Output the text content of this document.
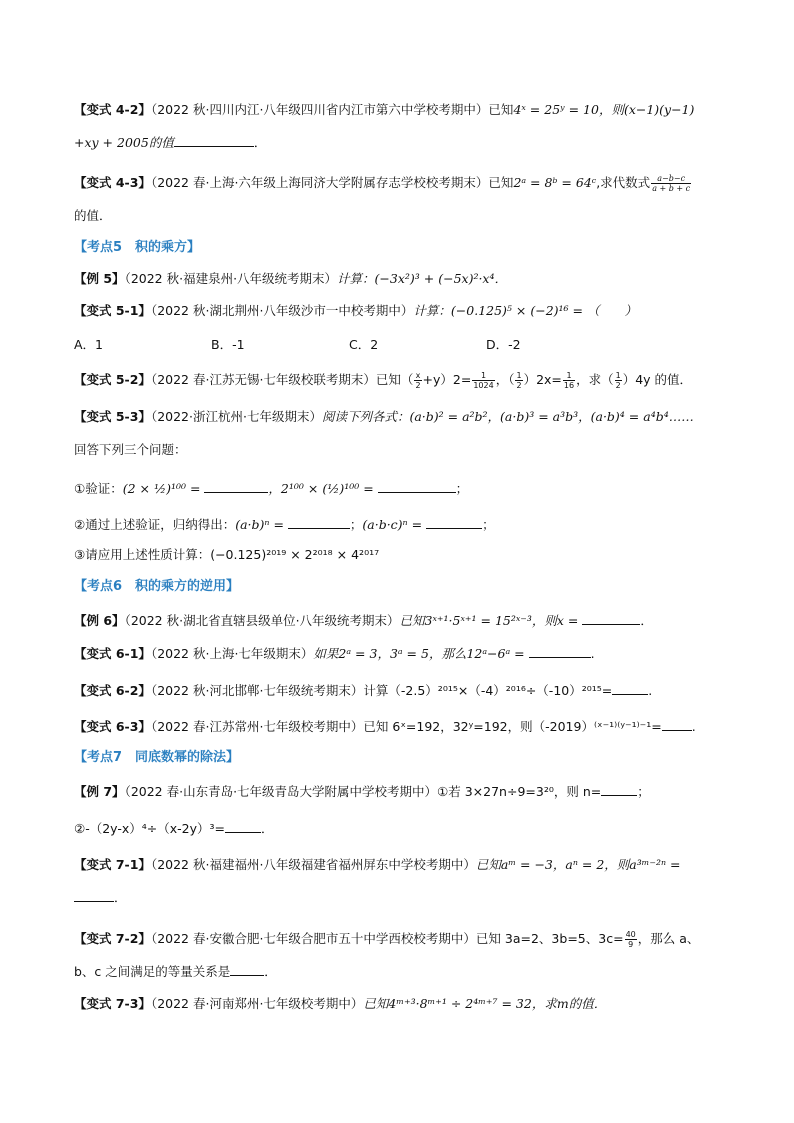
【变式 4-2】（2022 秋·四川内江·八年级四川省内江市第六中学校考期中）已知4ˣ = 25ʸ = 10，则(x−1)(y−1)
+xy + 2005的值	．
【变式 4-3】（2022 春·上海·六年级上海同济大学附属存志学校校考期末）已知2ᵃ = 8ᵇ = 64ᶜ,求代数式 $\frac{a-b-c}{a + b + c}$
的值．
【考点5　积的乘方】
【例 5】（2022 秋·福建泉州·八年级统考期末）计算：(−3x²)³ + (−5x)²·x⁴．
【变式 5-1】（2022 秋·湖北荆州·八年级沙市一中校考期中）计算：(−0.125)⁵ × (−2)¹⁶ = （　　）
A．1	B．-1	C．2	D．-2
【变式 5-2】（2022 春·江苏无锡·七年级校联考期末）已知（ $\frac{x}{2} +y)2= \frac{1}{1024}$ ，（ $\frac{1}{2} )2x= \frac{1}{16}$ ，求（ $\frac{1}{2} )4y$ 的值．
【变式 5-3】（2022·浙江杭州·七年级期末）阅读下列各式：(a·b)² = a²b²，(a·b)³ = a³b³，(a·b)⁴ = a⁴b⁴……
回答下列三个问题：
①验证：(2 × ½)¹⁰⁰ =	，2¹⁰⁰ × (½)¹⁰⁰ =	；
②通过上述验证，归纳得出：(a·b)ⁿ =	；(a·b·c)ⁿ =	；
③请应用上述性质计算：(−0.125)²⁰¹⁹ × 2²⁰¹⁸ × 4²⁰¹⁷
【考点6　积的乘方的逆用】
【例 6】（2022 秋·湖北省直辖县级单位·八年级统考期末）已知3ˣ⁺¹·5ˣ⁺¹ = 15²ˣ⁻³，则x =	．
【变式 6-1】（2022 秋·上海·七年级期末）如果2ᵃ = 3，3ᵃ = 5，那么12ᵃ−6ᵃ =	.
【变式 6-2】（2022 秋·河北邯郸·七年级统考期末）计算（-2.5）²⁰¹⁵×（-4）²⁰¹⁶÷（-10）²⁰¹⁵=	.
【变式 6-3】（2022 春·江苏常州·七年级校考期中）已知 6ˣ=192，32ʸ=192，则（-2019）⁽ˣ⁻¹⁾⁽ʸ⁻¹⁾⁻¹= .
【考点7　同底数幂的除法】
【例 7】（2022 春·山东青岛·七年级青岛大学附属中学校考期中）①若 3×27n÷9=3²⁰，则 n=	；
②-（2y-x）⁴÷（x-2y）³=	．
【变式 7-1】（2022 秋·福建福州·八年级福建省福州屏东中学校考期中）已知aᵐ = −3，aⁿ = 2，则a³ᵐ⁻²ⁿ =
．
【变式 7-2】（2022 春·安徽合肥·七年级合肥市五十中学西校校考期中）已知 3a=2、3b=5、$3c= \frac{40}{9}$ ，那么 a、
b、c 之间满足的等量关系是	．
【变式 7-3】（2022 春·河南郑州·七年级校考期中）已知4ᵐ⁺³·8ᵐ⁺¹ ÷ 2⁴ᵐ⁺⁷ = 32，求m的值．
